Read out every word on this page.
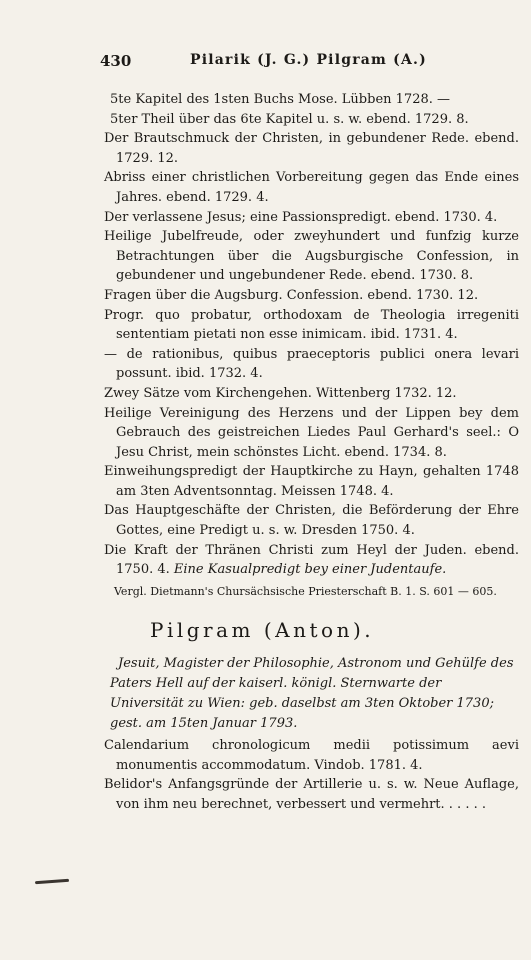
430	Pilarik (J. G.) Pilgram (A.)

5te Kapitel des 1sten Buchs Mose. Lübben 1728. —

5ter Theil über das 6te Kapitel u. s. w. ebend. 1729. 8.

Der Brautschmuck der Christen, in gebundener Rede. ebend. 1729. 12.

Abriss einer christlichen Vorbereitung gegen das Ende eines Jahres. ebend. 1729. 4.

Der verlassene Jesus; eine Passionspredigt. ebend. 1730. 4.

Heilige Jubelfreude, oder zweyhundert und funfzig kurze Betrachtungen über die Augsburgische Confession, in gebundener und ungebundener Rede. ebend. 1730. 8.

Fragen über die Augsburg. Confession. ebend. 1730. 12.

Progr. quo probatur, orthodoxam de Theologia irregeniti sententiam pietati non esse inimicam. ibid. 1731. 4.

— de rationibus, quibus praeceptoris publici onera levari possunt. ibid. 1732. 4.

Zwey Sätze vom Kirchengehen. Wittenberg 1732. 12.

Heilige Vereinigung des Herzens und der Lippen bey dem Gebrauch des geistreichen Liedes Paul Gerhard's seel.: O Jesu Christ, mein schönstes Licht. ebend. 1734. 8.

Einweihungspredigt der Hauptkirche zu Hayn, gehalten 1748 am 3ten Adventsonntag. Meissen 1748. 4.

Das Hauptgeschäfte der Christen, die Beförderung der Ehre Gottes, eine Predigt u. s. w. Dresden 1750. 4.

Die Kraft der Thränen Christi zum Heyl der Juden. ebend. 1750. 4. Eine Kasualpredigt bey einer Judentaufe.

Vergl. Dietmann's Chursächsische Priesterschaft B. 1. S. 601 — 605.

Pilgram (Anton).

Jesuit, Magister der Philosophie, Astronom und Gehülfe des Paters Hell auf der kaiserl. königl. Sternwarte der Universität zu Wien: geb. daselbst am 3ten Oktober 1730; gest. am 15ten Januar 1793.

Calendarium chronologicum medii potissimum aevi monumentis accommodatum. Vindob. 1781. 4.

Belidor's Anfangsgründe der Artillerie u. s. w. Neue Auflage, von ihm neu berechnet, verbessert und vermehrt. . . . . .
